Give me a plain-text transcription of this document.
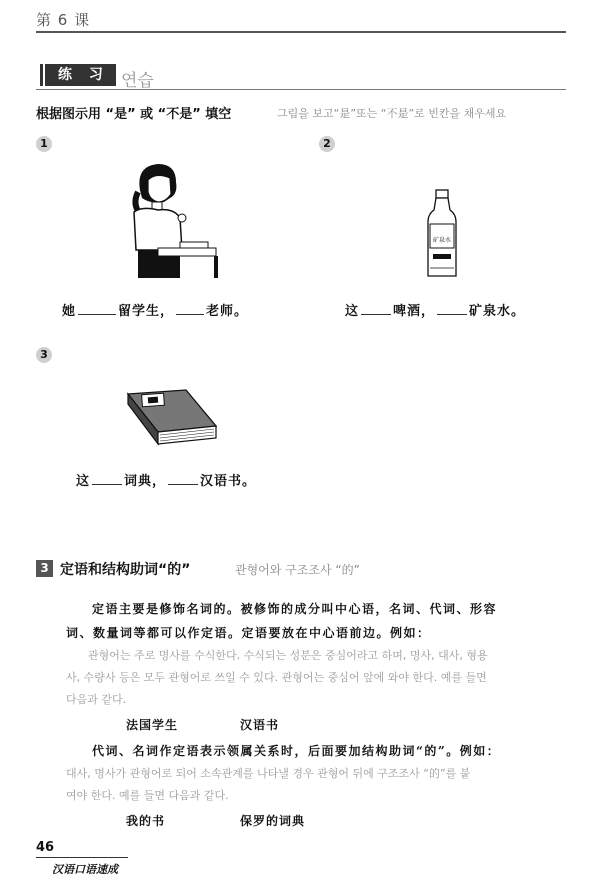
第 6 课
练 习 연습
根据图示用 “是” 或 “不是” 填空	그림을 보고“是”또는 “不是”로 빈칸을 채우세요
1
她	留学生， 老师。
2
矿泉水
这	啤酒，	矿泉水。
3
这	词典，	汉语书。
3 定语和结构助词“的”	관형어와 구조조사 “的”
定语主要是修饰名词的。被修饰的成分叫中心语，名词、代词、形容
词、数量词等都可以作定语。定语要放在中心语前边。例如：
관형어는 주로 명사를 수식한다. 수식되는 성분은 중심어라고 하며, 명사, 대사, 형용
사, 수량사 등은 모두 관형어로 쓰일 수 있다. 관형어는 중심어 앞에 와야 한다. 예를 들면
다음과 같다.
法国学生	汉语书
代词、名词作定语表示领属关系时，后面要加结构助词“的”。例如：
대사, 명사가 관형어로 되어 소속관계를 나타낼 경우 관형어 뒤에 구조조사 “的”를 붙
여야 한다. 예를 들면 다음과 같다.
我的书	保罗的词典
46
汉语口语速成
